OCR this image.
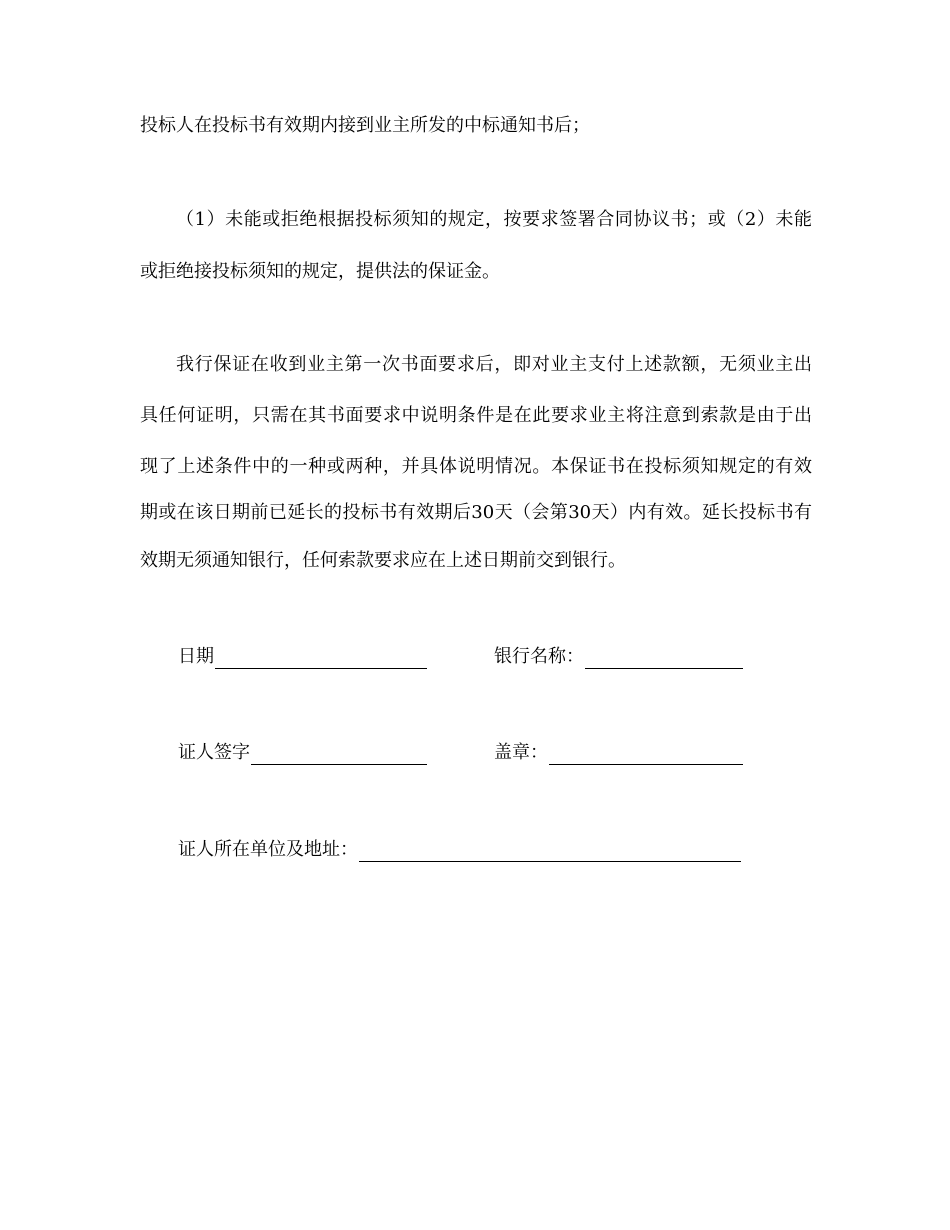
投标人在投标书有效期内接到业主所发的中标通知书后；
（1）未能或拒绝根据投标须知的规定，按要求签署合同协议书；或（2）未能
或拒绝接投标须知的规定，提供法的保证金。
我行保证在收到业主第一次书面要求后，即对业主支付上述款额，无须业主出
具任何证明，只需在其书面要求中说明条件是在此要求业主将注意到索款是由于出
现了上述条件中的一种或两种，并具体说明情况。本保证书在投标须知规定的有效
期或在该日期前已延长的投标书有效期后30天（会第30天）内有效。延长投标书有
效期无须通知银行，任何索款要求应在上述日期前交到银行。
日期	银行名称：
证人签字	盖章：
证人所在单位及地址：
